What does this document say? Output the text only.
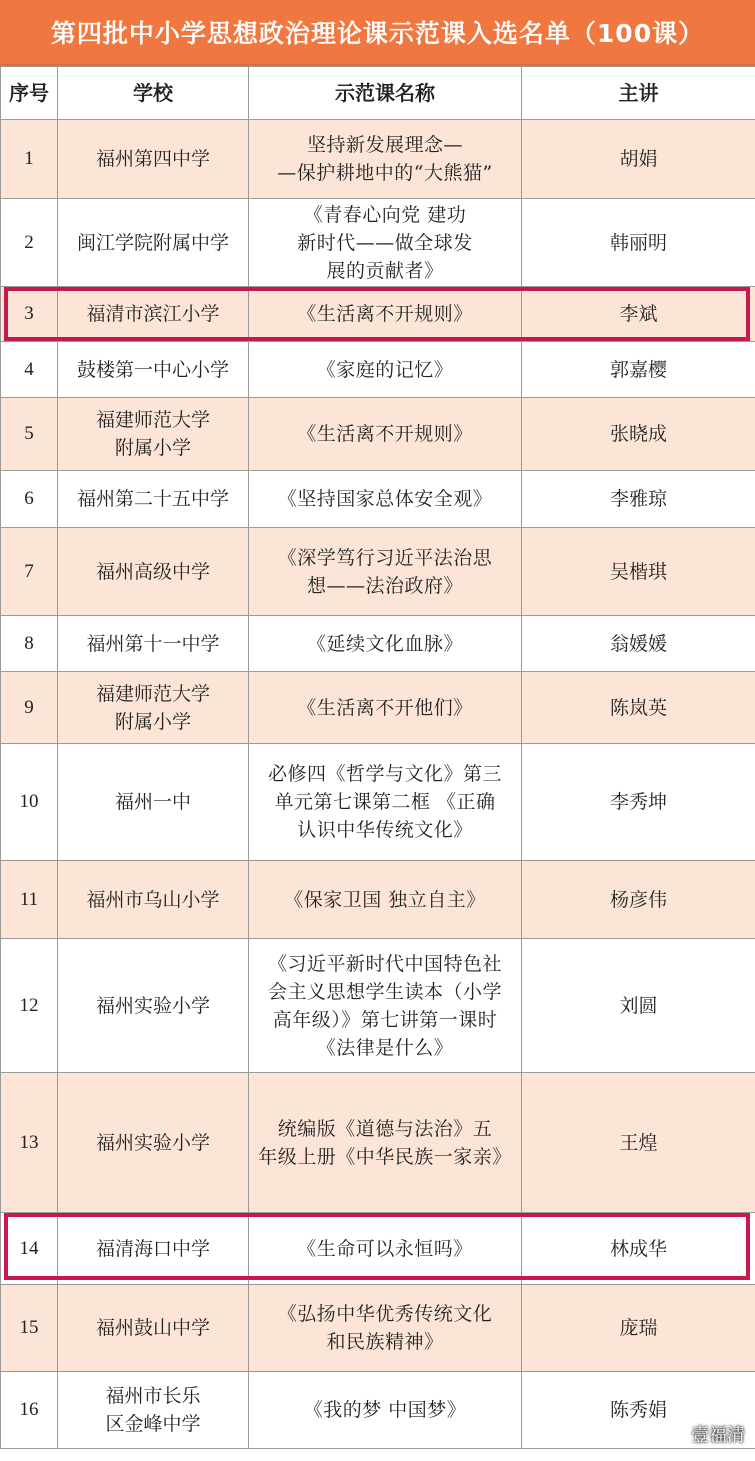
第四批中小学思想政治理论课示范课入选名单（100课）
序号	学校	示范课名称	主讲
1	福州第四中学	坚持新发展理念—
—保护耕地中的“大熊猫”	胡娟
2	闽江学院附属中学	《青春心向党 建功
新时代——做全球发
展的贡献者》	韩丽明
3	福清市滨江小学	《生活离不开规则》	李斌
4	鼓楼第一中心小学	《家庭的记忆》	郭嘉樱
5	福建师范大学
附属小学	《生活离不开规则》	张晓成
6	福州第二十五中学	《坚持国家总体安全观》	李雅琼
7	福州高级中学	《深学笃行习近平法治思
想——法治政府》	吴楷琪
8	福州第十一中学	《延续文化血脉》	翁媛媛
9	福建师范大学
附属小学	《生活离不开他们》	陈岚英
10	福州一中	必修四《哲学与文化》第三
单元第七课第二框 《正确
认识中华传统文化》	李秀坤
11	福州市乌山小学	《保家卫国 独立自主》	杨彦伟
12	福州实验小学	《习近平新时代中国特色社
会主义思想学生读本（小学
高年级）》第七讲第一课时
《法律是什么》	刘圆
13	福州实验小学	统编版《道德与法治》五
年级上册《中华民族一家亲》	王煌
14	福清海口中学	《生命可以永恒吗》	林成华
15	福州鼓山中学	《弘扬中华优秀传统文化
和民族精神》	庞瑞
16	福州市长乐
区金峰中学	《我的梦 中国梦》	陈秀娟
壹福清
